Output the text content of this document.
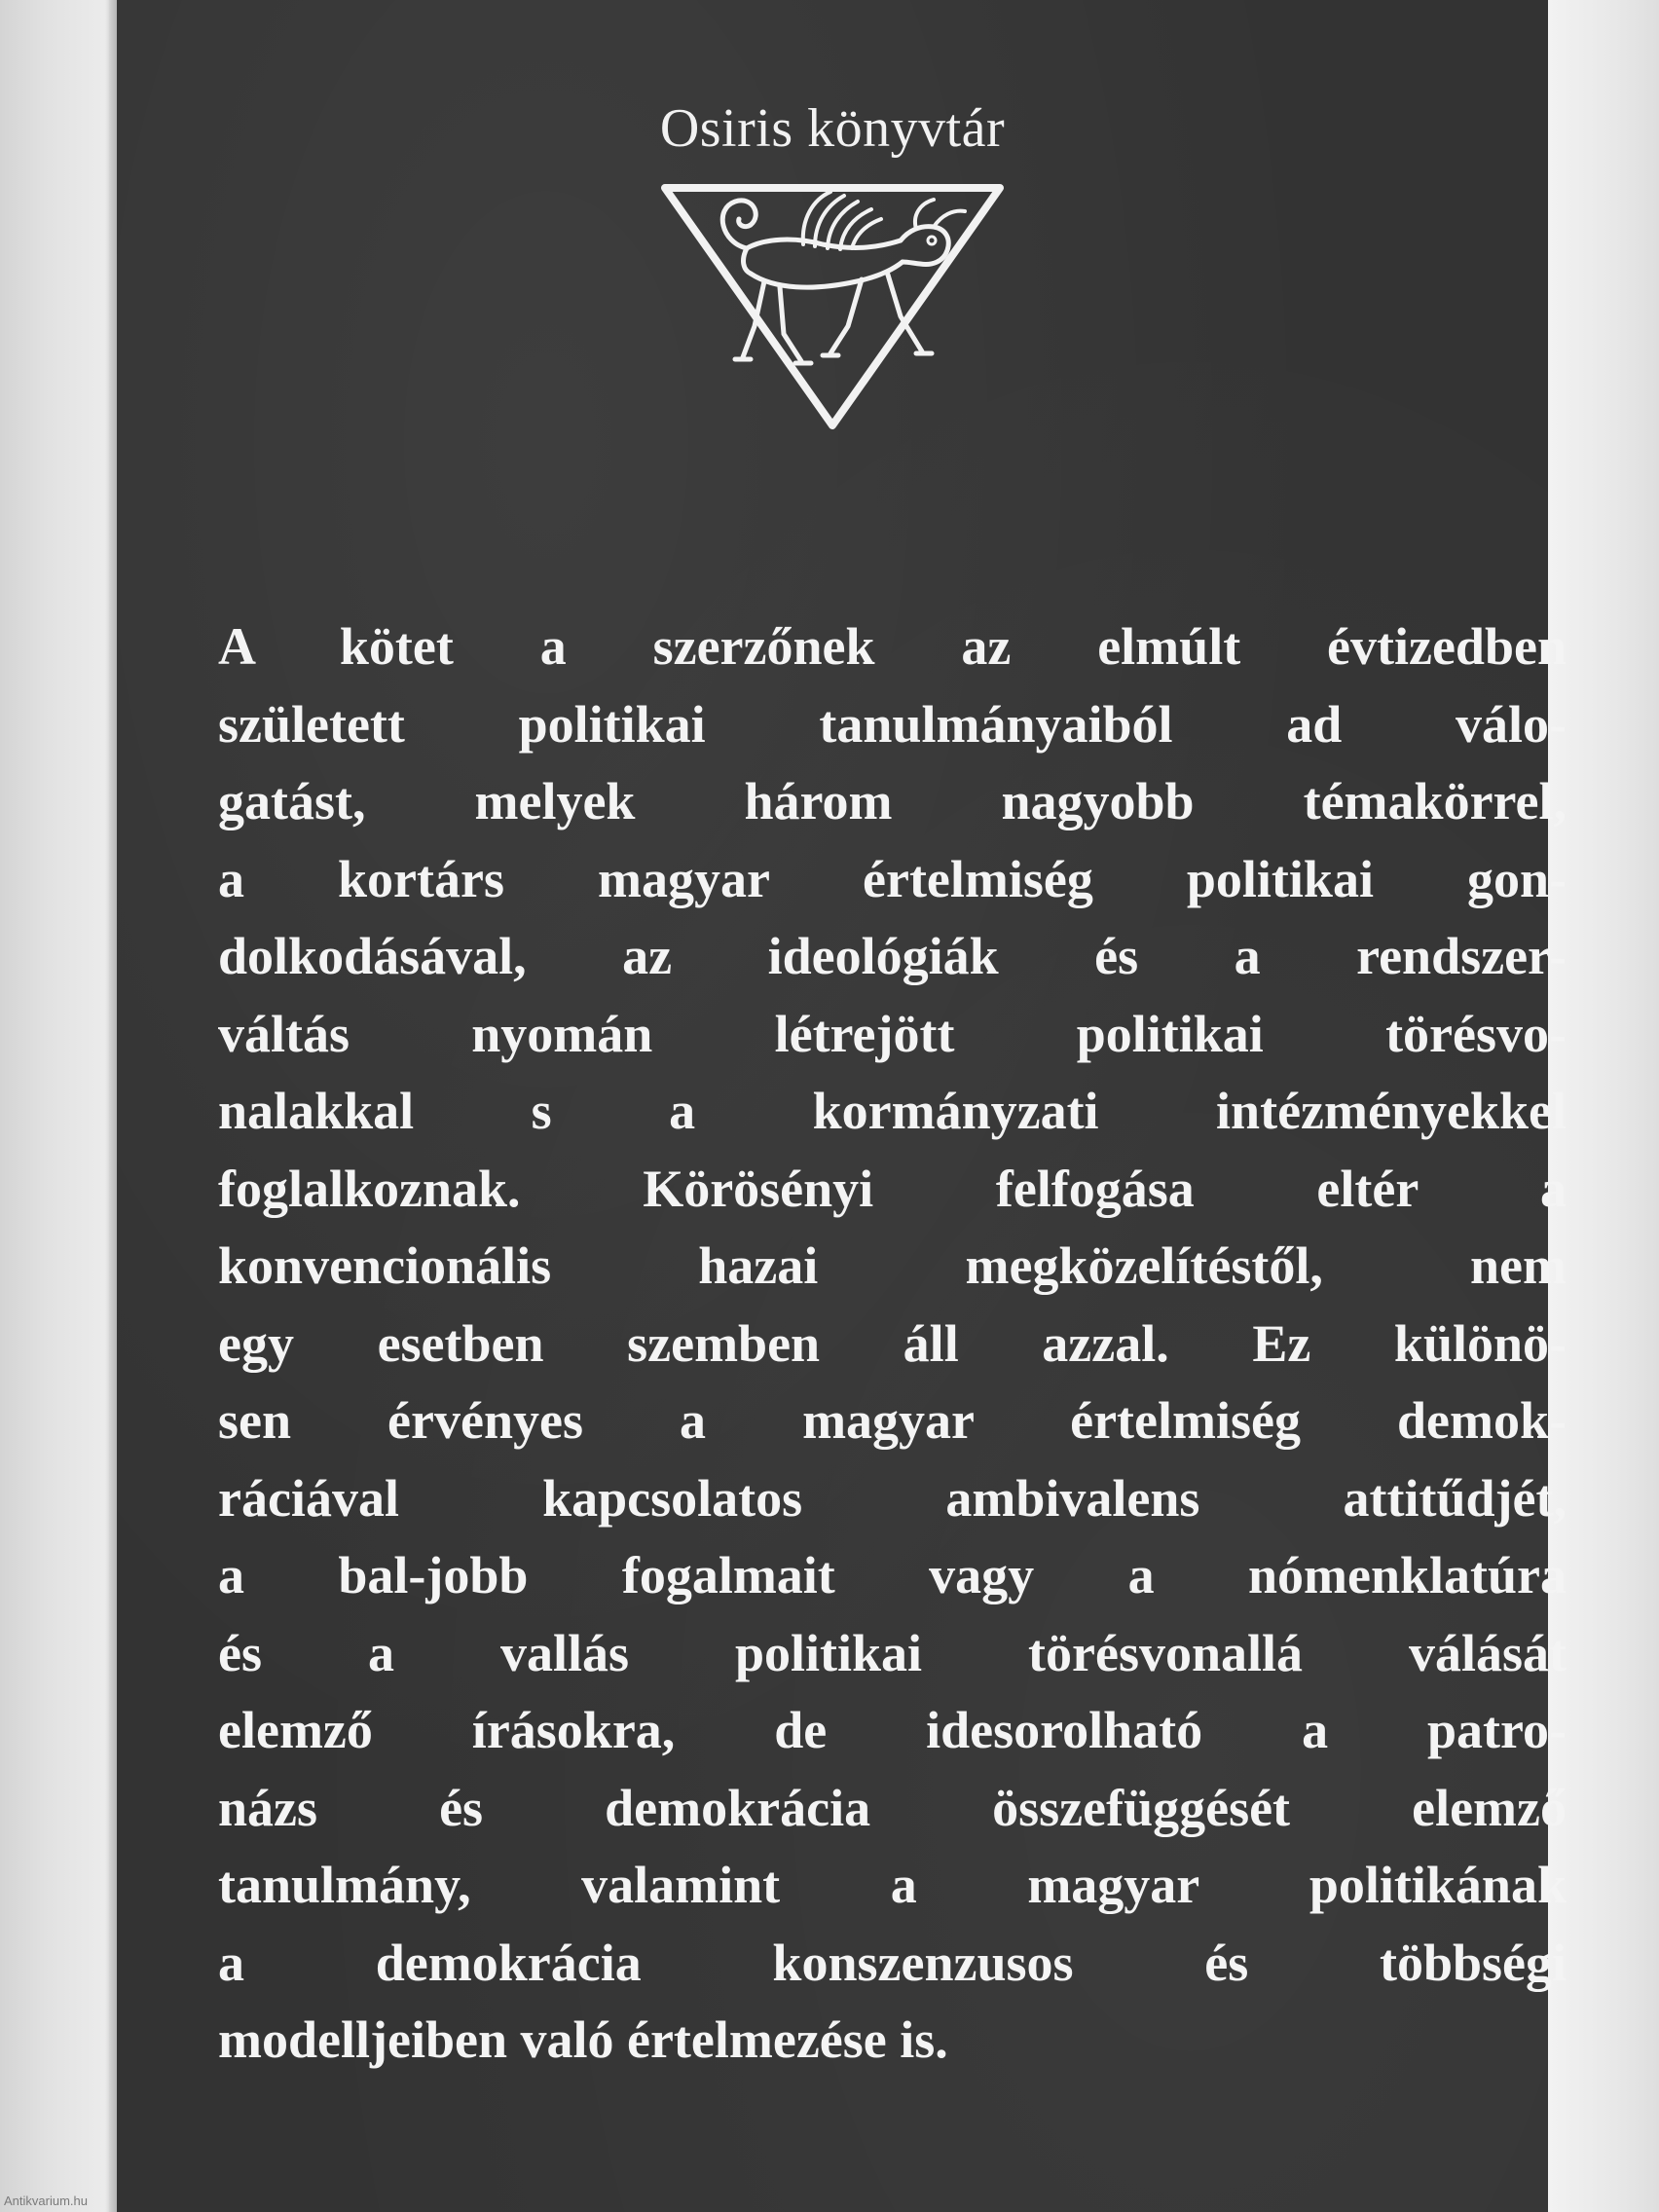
Osiris könyvtár
A kötet a szerzőnek az elmúlt évtizedben
született politikai tanulmányaiból ad válo-
gatást, melyek három nagyobb témakörrel,
a kortárs magyar értelmiség politikai gon-
dolkodásával, az ideológiák és a rendszer-
váltás nyomán létrejött politikai törésvo-
nalakkal s a kormányzati intézményekkel
foglalkoznak. Körösényi felfogása eltér a
konvencionális hazai megközelítéstől, nem
egy esetben szemben áll azzal. Ez különö-
sen érvényes a magyar értelmiség demok-
ráciával kapcsolatos ambivalens attitűdjét,
a bal-jobb fogalmait vagy a nómenklatúra
és a vallás politikai törésvonallá válását
elemző írásokra, de idesorolható a patro-
názs és demokrácia összefüggését elemző
tanulmány, valamint a magyar politikának
a demokrácia konszenzusos és többségi
modelljeiben való értelmezése is.
Antikvarium.hu
